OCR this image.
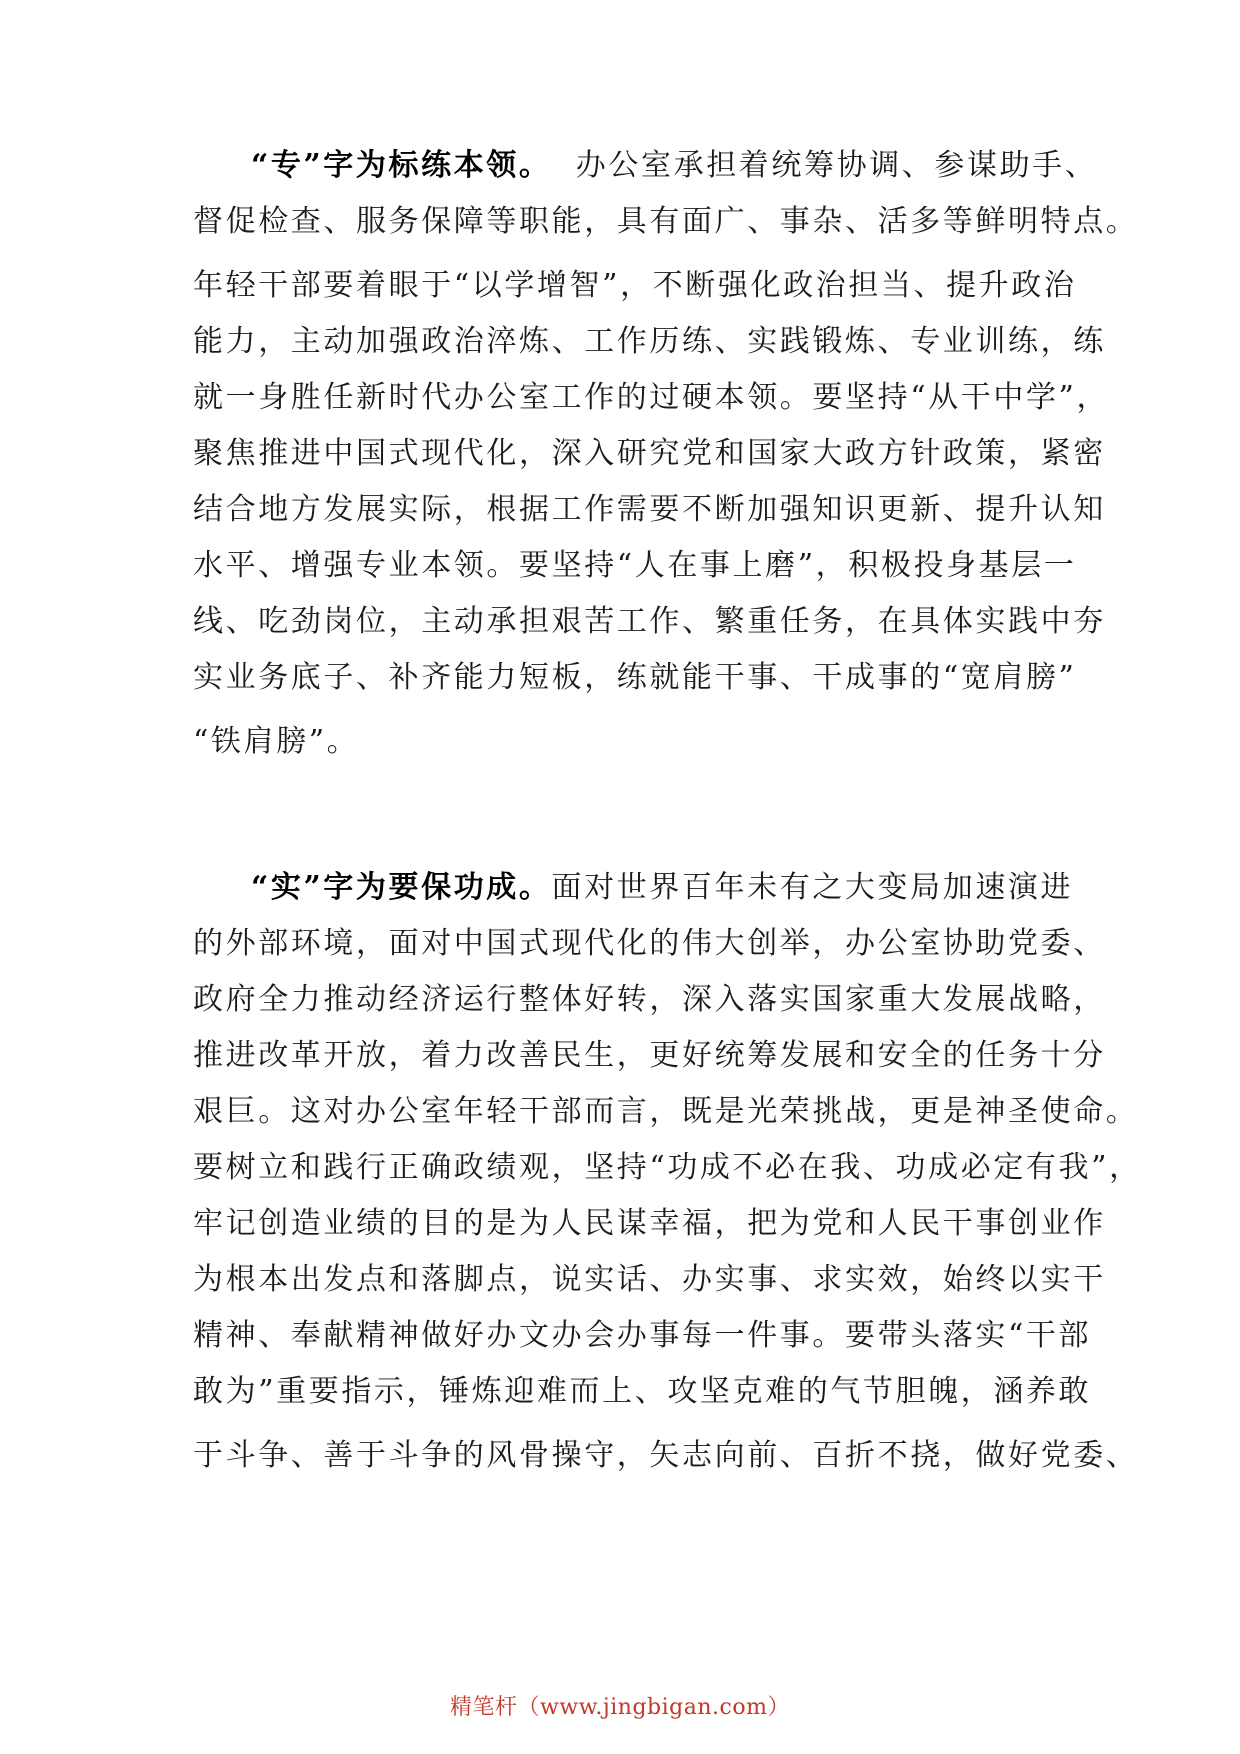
“专”字为标练本领。  办公室承担着统筹协调、参谋助手、
督促检查、服务保障等职能，具有面广、事杂、活多等鲜明特点。
年轻干部要着眼于“以学增智”，不断强化政治担当、提升政治
能力，主动加强政治淬炼、工作历练、实践锻炼、专业训练，练
就一身胜任新时代办公室工作的过硬本领。要坚持“从干中学”，
聚焦推进中国式现代化，深入研究党和国家大政方针政策，紧密
结合地方发展实际，根据工作需要不断加强知识更新、提升认知
水平、增强专业本领。要坚持“人在事上磨”，积极投身基层一
线、吃劲岗位，主动承担艰苦工作、繁重任务，在具体实践中夯
实业务底子、补齐能力短板，练就能干事、干成事的“宽肩膀”
“铁肩膀”。

“实”字为要保功成。面对世界百年未有之大变局加速演进
的外部环境，面对中国式现代化的伟大创举，办公室协助党委、
政府全力推动经济运行整体好转，深入落实国家重大发展战略，
推进改革开放，着力改善民生，更好统筹发展和安全的任务十分
艰巨。这对办公室年轻干部而言，既是光荣挑战，更是神圣使命。
要树立和践行正确政绩观，坚持“功成不必在我、功成必定有我”，
牢记创造业绩的目的是为人民谋幸福，把为党和人民干事创业作
为根本出发点和落脚点，说实话、办实事、求实效，始终以实干
精神、奉献精神做好办文办会办事每一件事。要带头落实“干部
敢为”重要指示，锤炼迎难而上、攻坚克难的气节胆魄，涵养敢
于斗争、善于斗争的风骨操守，矢志向前、百折不挠，做好党委、

精笔杆（www.jingbigan.com）
